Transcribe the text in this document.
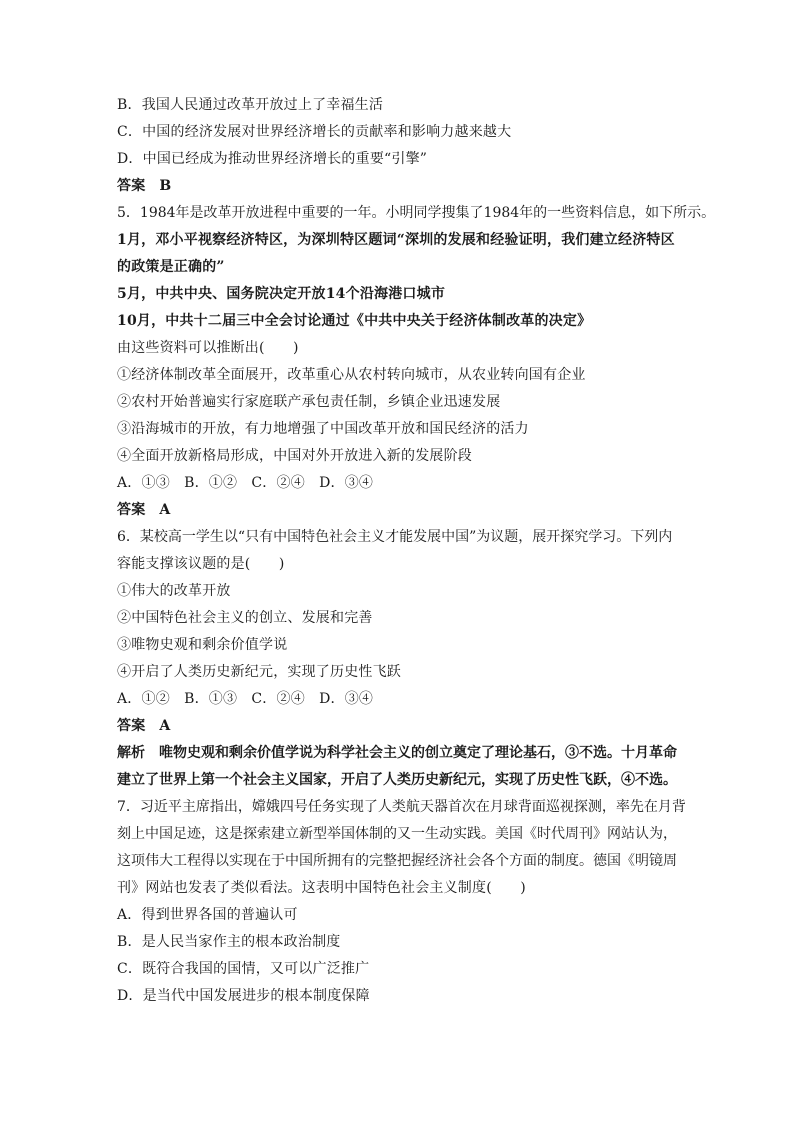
B．我国人民通过改革开放过上了幸福生活
C．中国的经济发展对世界经济增长的贡献率和影响力越来越大
D．中国已经成为推动世界经济增长的重要“引擎”
答案 B
5．1984年是改革开放进程中重要的一年。小明同学搜集了1984年的一些资料信息，如下所示。
1月，邓小平视察经济特区，为深圳特区题词“深圳的发展和经验证明，我们建立经济特区
的政策是正确的”
5月，中共中央、国务院决定开放14个沿海港口城市
10月，中共十二届三中全会讨论通过《中共中央关于经济体制改革的决定》
由这些资料可以推断出(　　)
①经济体制改革全面展开，改革重心从农村转向城市，从农业转向国有企业
②农村开始普遍实行家庭联产承包责任制，乡镇企业迅速发展
③沿海城市的开放，有力地增强了中国改革开放和国民经济的活力
④全面开放新格局形成，中国对外开放进入新的发展阶段
A．①③　B．①②　C．②④　D．③④
答案 A
6．某校高一学生以“只有中国特色社会主义才能发展中国”为议题，展开探究学习。下列内
容能支撑该议题的是(　　)
①伟大的改革开放
②中国特色社会主义的创立、发展和完善
③唯物史观和剩余价值学说
④开启了人类历史新纪元，实现了历史性飞跃
A．①②　B．①③　C．②④　D．③④
答案 A
解析 唯物史观和剩余价值学说为科学社会主义的创立奠定了理论基石，③不选。十月革命
建立了世界上第一个社会主义国家，开启了人类历史新纪元，实现了历史性飞跃，④不选。
7．习近平主席指出，嫦娥四号任务实现了人类航天器首次在月球背面巡视探测，率先在月背
刻上中国足迹，这是探索建立新型举国体制的又一生动实践。美国《时代周刊》网站认为，
这项伟大工程得以实现在于中国所拥有的完整把握经济社会各个方面的制度。德国《明镜周
刊》网站也发表了类似看法。这表明中国特色社会主义制度(　　)
A．得到世界各国的普遍认可
B．是人民当家作主的根本政治制度
C．既符合我国的国情，又可以广泛推广
D．是当代中国发展进步的根本制度保障
